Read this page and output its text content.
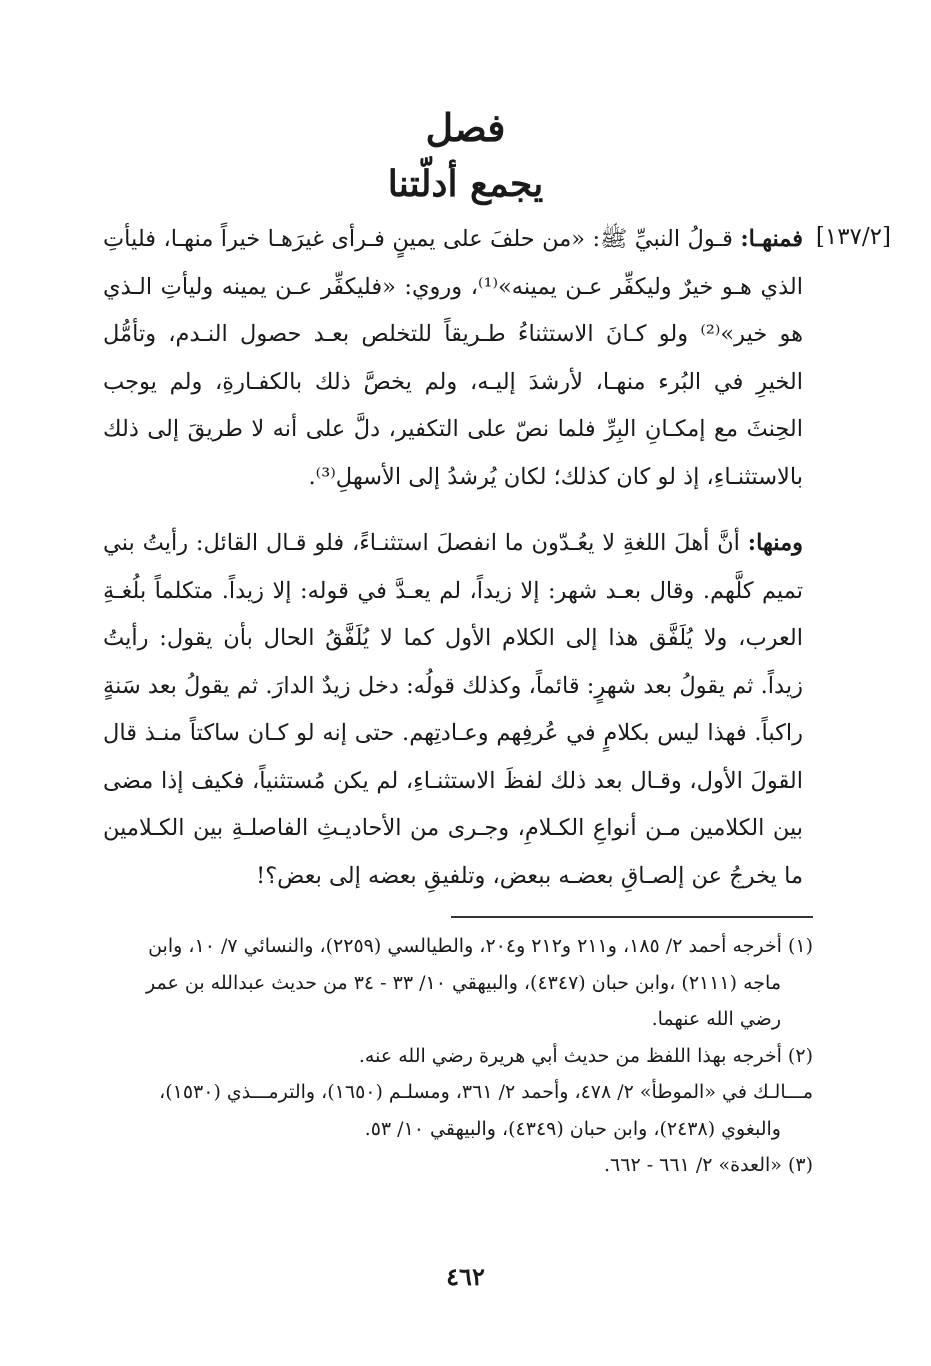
فصل
يجمع أدلّتنا
[١٣٧/٢]

فمنهـا: قـولُ النبيِّ ﷺ: «من حلفَ على يمينٍ فـرأى غيرَهـا خيراً منهـا، فليأتِ الذي هـو خيرٌ وليكفِّر عـن يمينه»⁽¹⁾، وروي: «فليكفِّر عـن يمينه وليأتِ الـذي هو خير»⁽²⁾ ولو كـانَ الاستثناءُ طـريقاً للتخلص بعـد حصول النـدم، وتأمُّل الخيرِ في البُرء منهـا، لأرشدَ إليـه، ولم يخصَّ ذلك بالكفـارةِ، ولم يوجب الحِنثَ مع إمكـانِ البِرِّ فلما نصّ على التكفير، دلَّ على أنه لا طريقَ إلى ذلك بالاستثنـاءِ، إذ لو كان كذلك؛ لكان يُرشدُ إلى الأسهلِ⁽³⁾.

ومنها: أنَّ أهلَ اللغةِ لا يعُـدّون ما انفصلَ استثنـاءً، فلو قـال القائل: رأيتُ بني تميم كلَّهم. وقال بعـد شهر: إلا زيداً، لم يعـدَّ في قوله: إلا زيداً. متكلماً بلُغـةِ العرب، ولا يُلَفَّق هذا إلى الكلام الأول كما لا يُلَفَّقُ الحال بأن يقول: رأيتُ زيداً. ثم يقولُ بعد شهرٍ: قائماً، وكذلك قولُه: دخل زيدٌ الدارَ. ثم يقولُ بعد سَنةٍ راكباً. فهذا ليس بكلامٍ في عُرفِهم وعـادتِهم. حتى إنه لو كـان ساكتاً منـذ قال القولَ الأول، وقـال بعد ذلك لفظَ الاستثنـاءِ، لم يكن مُستثنياً، فكيف إذا مضى بين الكلامين مـن أنواعِ الكـلامِ، وجـرى من الأحاديـثِ الفاصلـةِ بين الكـلامين ما يخرجُ عن إلصـاقِ بعضـه ببعض، وتلفيقِ بعضه إلى بعض؟!

(١) أخرجه أحمد ٢/ ١٨٥، و٢١١ و٢١٢ و٢٠٤، والطيالسي (٢٢٥٩)، والنسائي ٧/ ١٠، وابن

ماجه (٢١١١) ،وابن حبان (٤٣٤٧)، والبيهقي ١٠/ ٣٣ - ٣٤ من حديث عبدالله بن عمر

رضي الله عنهما.

(٢) أخرجه بهذا اللفظ من حديث أبي هريرة رضي الله عنه.

مـــالـك في «الموطأ» ٢/ ٤٧٨، وأحمد ٢/ ٣٦١، ومسلـم (١٦٥٠)، والترمـــذي (١٥٣٠)،

والبغوي (٢٤٣٨)، وابن حبان (٤٣٤٩)، والبيهقي ١٠/ ٥٣.

(٣) «العدة» ٢/ ٦٦١ - ٦٦٢.

٤٦٢
